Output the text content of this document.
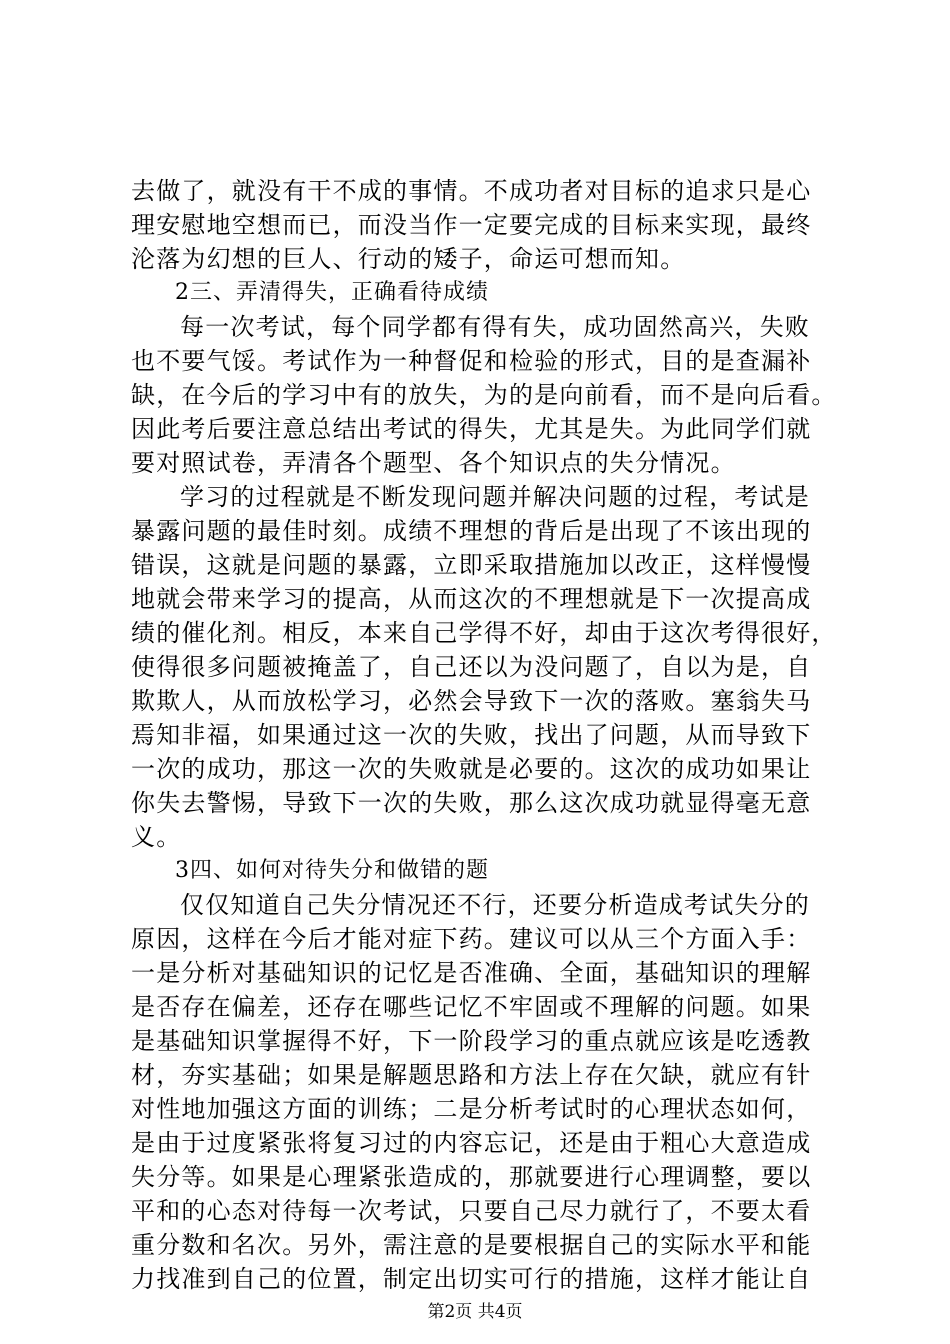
去做了，就没有干不成的事情。不成功者对目标的追求只是心
理安慰地空想而已，而没当作一定要完成的目标来实现，最终
沦落为幻想的巨人、行动的矮子，命运可想而知。
2三、弄清得失，正确看待成绩
每一次考试，每个同学都有得有失，成功固然高兴，失败
也不要气馁。考试作为一种督促和检验的形式，目的是查漏补
缺，在今后的学习中有的放失，为的是向前看，而不是向后看。
因此考后要注意总结出考试的得失，尤其是失。为此同学们就
要对照试卷，弄清各个题型、各个知识点的失分情况。
学习的过程就是不断发现问题并解决问题的过程，考试是
暴露问题的最佳时刻。成绩不理想的背后是出现了不该出现的
错误，这就是问题的暴露，立即采取措施加以改正，这样慢慢
地就会带来学习的提高，从而这次的不理想就是下一次提高成
绩的催化剂。相反，本来自己学得不好，却由于这次考得很好，
使得很多问题被掩盖了，自己还以为没问题了，自以为是，自
欺欺人，从而放松学习，必然会导致下一次的落败。塞翁失马
焉知非福，如果通过这一次的失败，找出了问题，从而导致下
一次的成功，那这一次的失败就是必要的。这次的成功如果让
你失去警惕，导致下一次的失败，那么这次成功就显得毫无意
义。
3四、如何对待失分和做错的题
仅仅知道自己失分情况还不行，还要分析造成考试失分的
原因，这样在今后才能对症下药。建议可以从三个方面入手：
一是分析对基础知识的记忆是否准确、全面，基础知识的理解
是否存在偏差，还存在哪些记忆不牢固或不理解的问题。如果
是基础知识掌握得不好，下一阶段学习的重点就应该是吃透教
材，夯实基础；如果是解题思路和方法上存在欠缺，就应有针
对性地加强这方面的训练；二是分析考试时的心理状态如何，
是由于过度紧张将复习过的内容忘记，还是由于粗心大意造成
失分等。如果是心理紧张造成的，那就要进行心理调整，要以
平和的心态对待每一次考试，只要自己尽力就行了，不要太看
重分数和名次。另外，需注意的是要根据自己的实际水平和能
力找准到自己的位置，制定出切实可行的措施，这样才能让自
第2页 共4页
